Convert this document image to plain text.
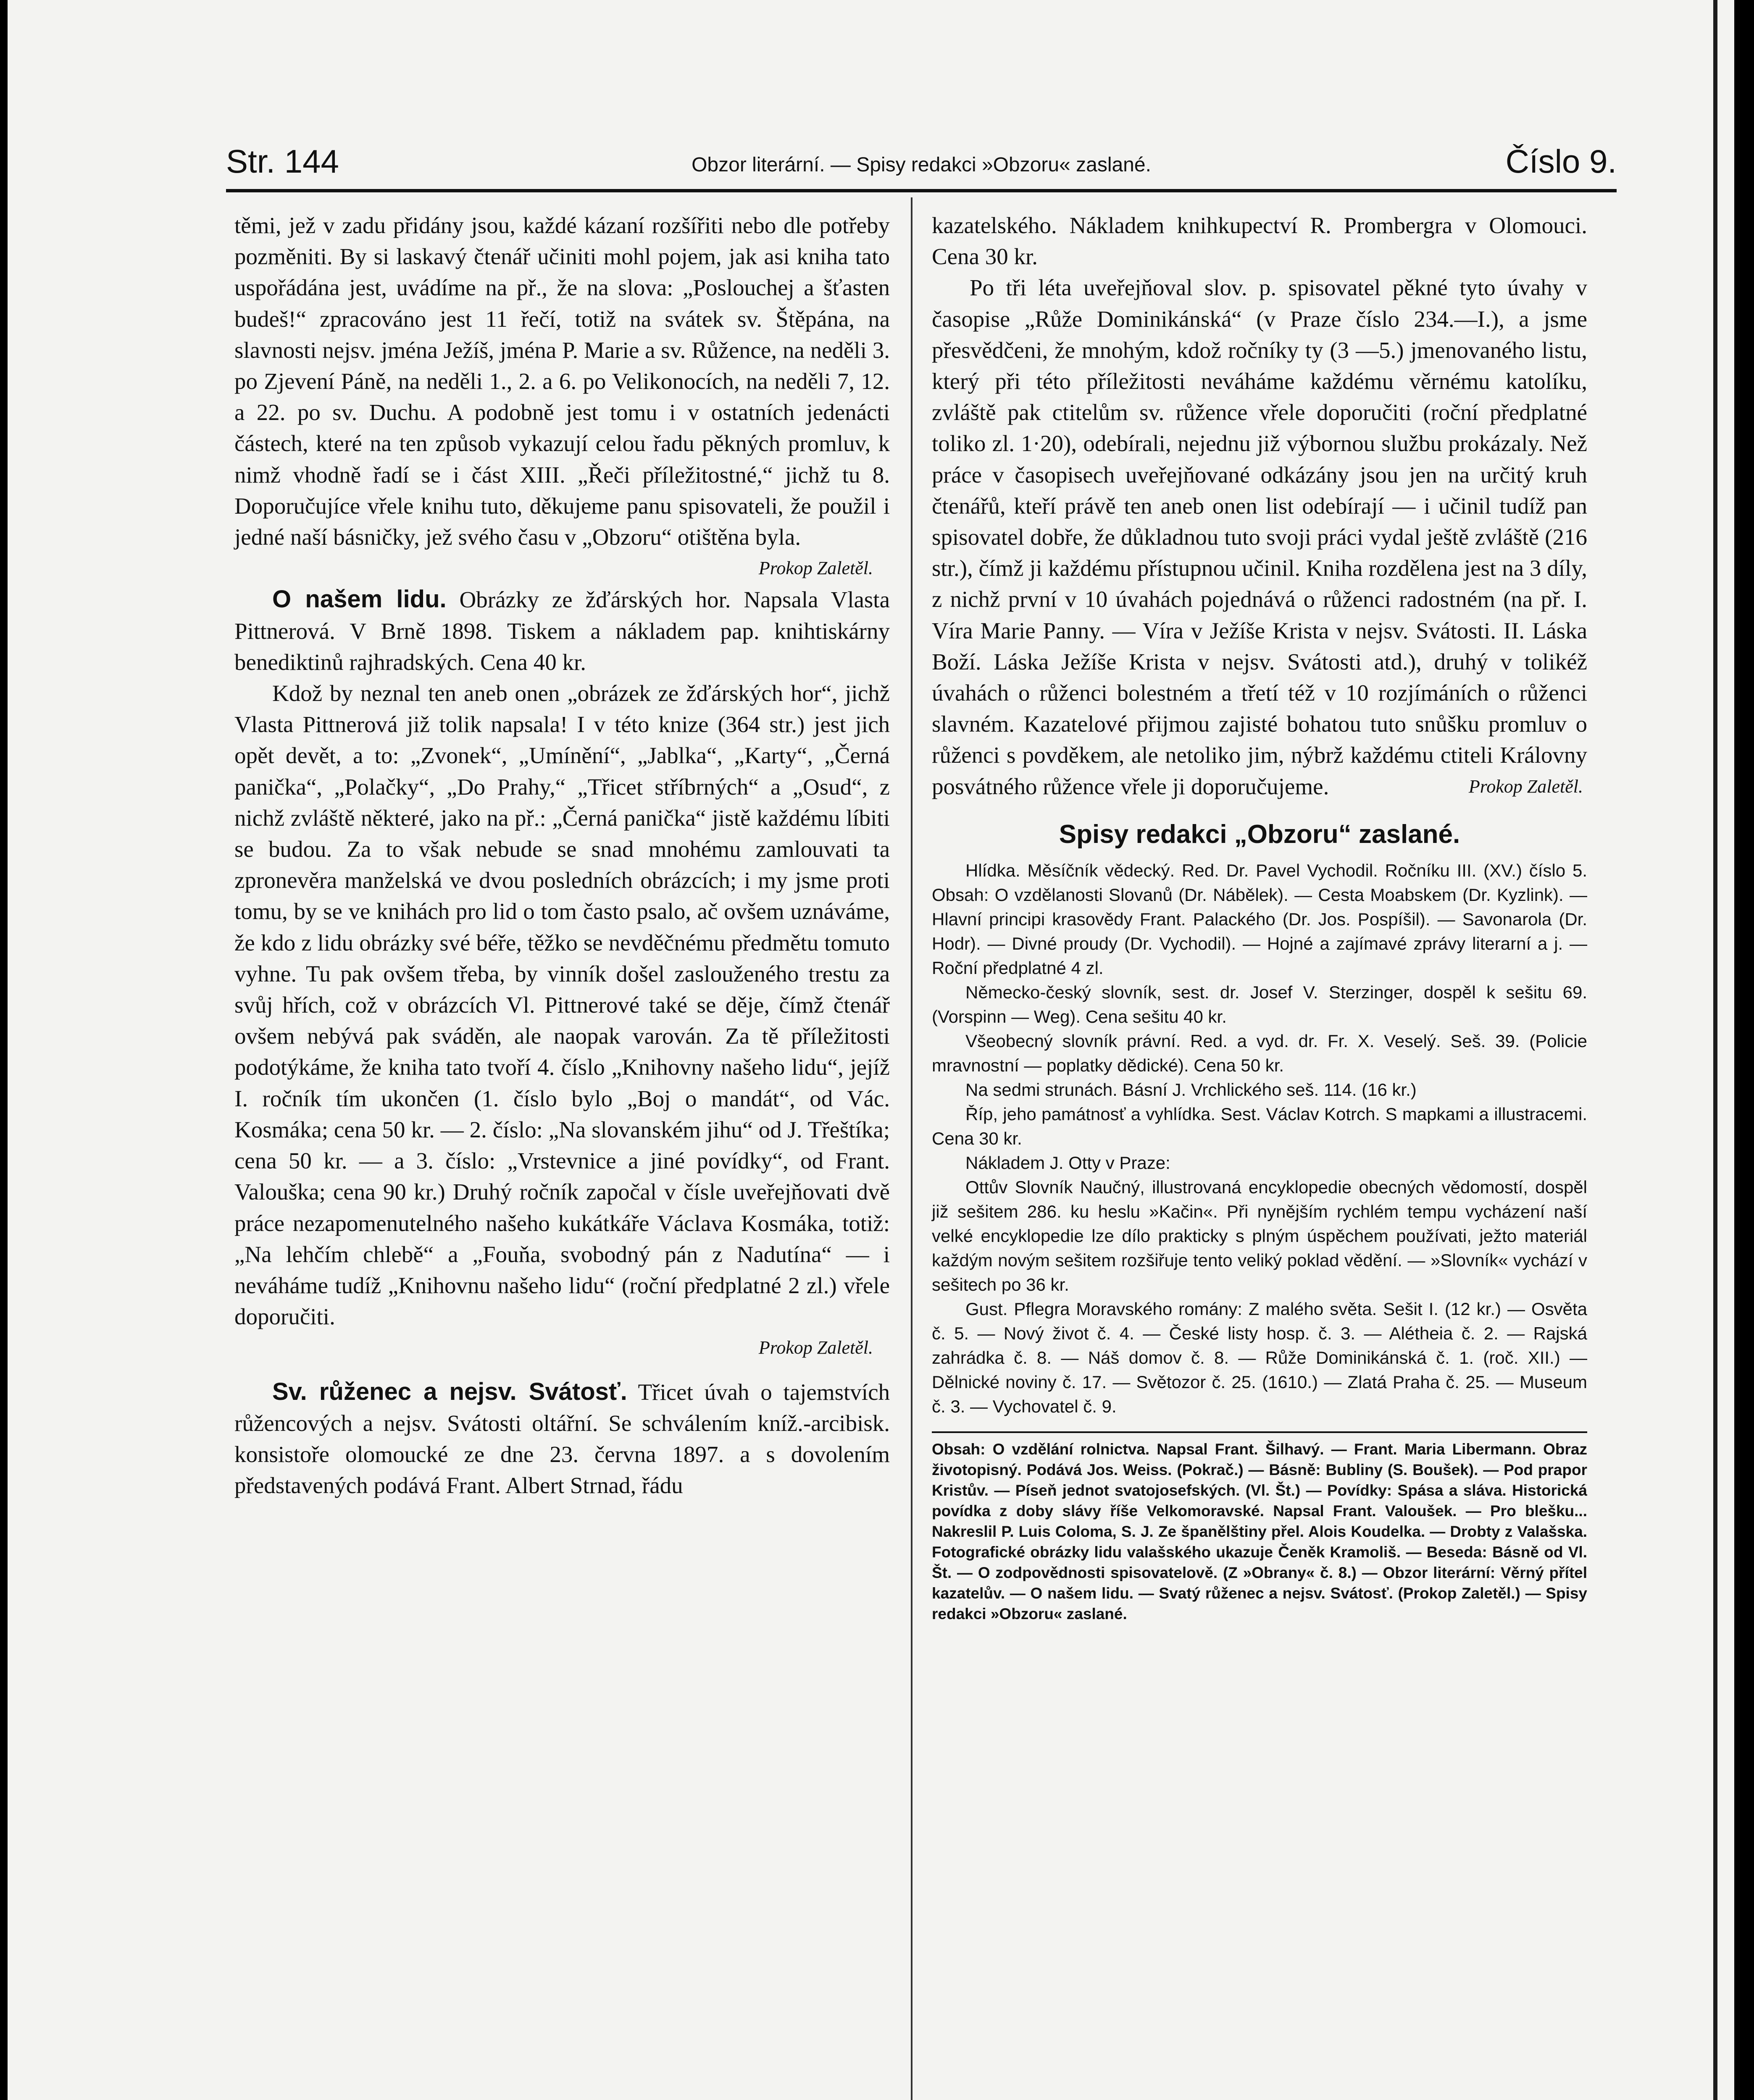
Str. 144	Obzor literární. — Spisy redakci »Obzoru« zaslané.	Číslo 9.

těmi, jež v zadu přidány jsou, každé kázaní rozšířiti nebo dle potřeby pozměniti. By si laskavý čtenář učiniti mohl pojem, jak asi kniha tato uspořádána jest, uvádíme na př., že na slova: „Poslouchej a šťasten budeš!“ zpracováno jest 11 řečí, totiž na svátek sv. Štěpána, na slavnosti nejsv. jména Ježíš, jména P. Marie a sv. Růžence, na neděli 3. po Zjevení Páně, na neděli 1., 2. a 6. po Velikonocích, na neděli 7, 12. a 22. po sv. Duchu. A podobně jest tomu i v ostatních jedenácti částech, které na ten způsob vykazují celou řadu pěkných promluv, k nimž vhodně řadí se i část XIII. „Řeči příležitostné,“ jichž tu 8. Doporučujíce vřele knihu tuto, děkujeme panu spisovateli, že použil i jedné naší básničky, jež svého času v „Obzoru“ otištěna byla.

Prokop Zaletěl.

O našem lidu. Obrázky ze žďárských hor. Napsala Vlasta Pittnerová. V Brně 1898. Tiskem a nákladem pap. knihtiskárny benediktinů rajhradských. Cena 40 kr.

Kdož by neznal ten aneb onen „obrázek ze žďárských hor“, jichž Vlasta Pittnerová již tolik napsala! I v této knize (364 str.) jest jich opět devět, a to: „Zvonek“, „Umínění“, „Jablka“, „Karty“, „Černá panička“, „Polačky“, „Do Prahy,“ „Třicet stříbrných“ a „Osud“, z nichž zvláště některé, jako na př.: „Černá panička“ jistě každému líbiti se budou. Za to však nebude se snad mnohému zamlouvati ta zpronevěra manželská ve dvou posledních obrázcích; i my jsme proti tomu, by se ve knihách pro lid o tom často psalo, ač ovšem uznáváme, že kdo z lidu obrázky své béře, těžko se nevděčnému předmětu tomuto vyhne. Tu pak ovšem třeba, by vinník došel zaslouženého trestu za svůj hřích, což v obrázcích Vl. Pittnerové také se děje, čímž čtenář ovšem nebývá pak sváděn, ale naopak varován. Za tě příležitosti podotýkáme, že kniha tato tvoří 4. číslo „Knihovny našeho lidu“, jejíž I. ročník tím ukončen (1. číslo bylo „Boj o mandát“, od Vác. Kosmáka; cena 50 kr. — 2. číslo: „Na slovanském jihu“ od J. Třeštíka; cena 50 kr. — a 3. číslo: „Vrstevnice a jiné povídky“, od Frant. Valouška; cena 90 kr.) Druhý ročník započal v čísle uveřejňovati dvě práce nezapomenutelného našeho kukátkáře Václava Kosmáka, totiž: „Na lehčím chlebě“ a „Fouňa, svobodný pán z Nadutína“ — i neváháme tudíž „Knihovnu našeho lidu“ (roční předplatné 2 zl.) vřele doporučiti.

Prokop Zaletěl.

Sv. růženec a nejsv. Svátosť. Třicet úvah o tajemstvích růžencových a nejsv. Svátosti oltářní. Se schválením kníž.-arcibisk. konsistoře olomoucké ze dne 23. června 1897. a s dovolením představených podává Frant. Albert Strnad, řádu

kazatelského. Nákladem knihkupectví R. Prombergra v Olomouci. Cena 30 kr.

Po tři léta uveřejňoval slov. p. spisovatel pěkné tyto úvahy v časopise „Růže Dominikánská“ (v Praze číslo 234.—I.), a jsme přesvědčeni, že mnohým, kdož ročníky ty (3 —5.) jmenovaného listu, který při této příležitosti neváháme každému věrnému katolíku, zvláště pak ctitelům sv. růžence vřele doporučiti (roční předplatné toliko zl. 1·20), odebírali, nejednu již výbornou službu prokázaly. Než práce v časopisech uveřejňované odkázány jsou jen na určitý kruh čtenářů, kteří právě ten aneb onen list odebírají — i učinil tudíž pan spisovatel dobře, že důkladnou tuto svoji práci vydal ještě zvláště (216 str.), čímž ji každému přístupnou učinil. Kniha rozdělena jest na 3 díly, z nichž první v 10 úvahách pojednává o růženci radostném (na př. I. Víra Marie Panny. — Víra v Ježíše Krista v nejsv. Svátosti. II. Láska Boží. Láska Ježíše Krista v nejsv. Svátosti atd.), druhý v tolikéž úvahách o růženci bolestném a třetí též v 10 rozjímáních o růženci slavném. Kazatelové přijmou zajisté bohatou tuto snůšku promluv o růženci s povděkem, ale netoliko jim, nýbrž každému ctiteli Královny posvátného růžence vřele ji doporučujeme.	Prokop Zaletěl.

Spisy redakci „Obzoru“ zaslané.

Hlídka. Měsíčník vědecký. Red. Dr. Pavel Vychodil. Ročníku III. (XV.) číslo 5. Obsah: O vzdělanosti Slovanů (Dr. Nábělek). — Cesta Moabskem (Dr. Kyzlink). — Hlavní principi krasovědy Frant. Palackého (Dr. Jos. Pospíšil). — Savonarola (Dr. Hodr). — Divné proudy (Dr. Vychodil). — Hojné a zajímavé zprávy literarní a j. — Roční předplatné 4 zl.

Německo-český slovník, sest. dr. Josef V. Sterzinger, dospěl k sešitu 69. (Vorspinn — Weg). Cena sešitu 40 kr.

Všeobecný slovník právní. Red. a vyd. dr. Fr. X. Veselý. Seš. 39. (Policie mravnostní — poplatky dědické). Cena 50 kr.

Na sedmi strunách. Básní J. Vrchlického seš. 114. (16 kr.)

Říp, jeho památnosť a vyhlídka. Sest. Václav Kotrch. S mapkami a illustracemi. Cena 30 kr.

Nákladem J. Otty v Praze:

Ottův Slovník Naučný, illustrovaná encyklopedie obecných vědomostí, dospěl již sešitem 286. ku heslu »Kačin«. Při nynějším rychlém tempu vycházení naší velké encyklopedie lze dílo prakticky s plným úspěchem používati, ježto materiál každým novým sešitem rozšiřuje tento veliký poklad vědění. — »Slovník« vychází v sešitech po 36 kr.

Gust. Pflegra Moravského romány: Z malého světa. Sešit I. (12 kr.) — Osvěta č. 5. — Nový život č. 4. — České listy hosp. č. 3. — Alétheia č. 2. — Rajská zahrádka č. 8. — Náš domov č. 8. — Růže Dominikánská č. 1. (roč. XII.) — Dělnické noviny č. 17. — Světozor č. 25. (1610.) — Zlatá Praha č. 25. — Museum č. 3. — Vychovatel č. 9.

Obsah: O vzdělání rolnictva. Napsal Frant. Šilhavý. — Frant. Maria Libermann. Obraz životopisný. Podává Jos. Weiss. (Pokrač.) — Básně: Bubliny (S. Boušek). — Pod prapor Kristův. — Píseň jednot svatojosefských. (Vl. Št.) — Povídky: Spása a sláva. Historická povídka z doby slávy říše Velkomoravské. Napsal Frant. Valoušek. — Pro blešku... Nakreslil P. Luis Coloma, S. J. Ze španělštiny přel. Alois Koudelka. — Drobty z Valašska. Fotografické obrázky lidu valašského ukazuje Čeněk Kramoliš. — Beseda: Básně od Vl. Št. — O zodpovědnosti spisovatelově. (Z »Obrany« č. 8.) — Obzor literární: Věrný přítel kazatelův. — O našem lidu. — Svatý růženec a nejsv. Svátosť. (Prokop Zaletěl.) — Spisy redakci »Obzoru« zaslané.
